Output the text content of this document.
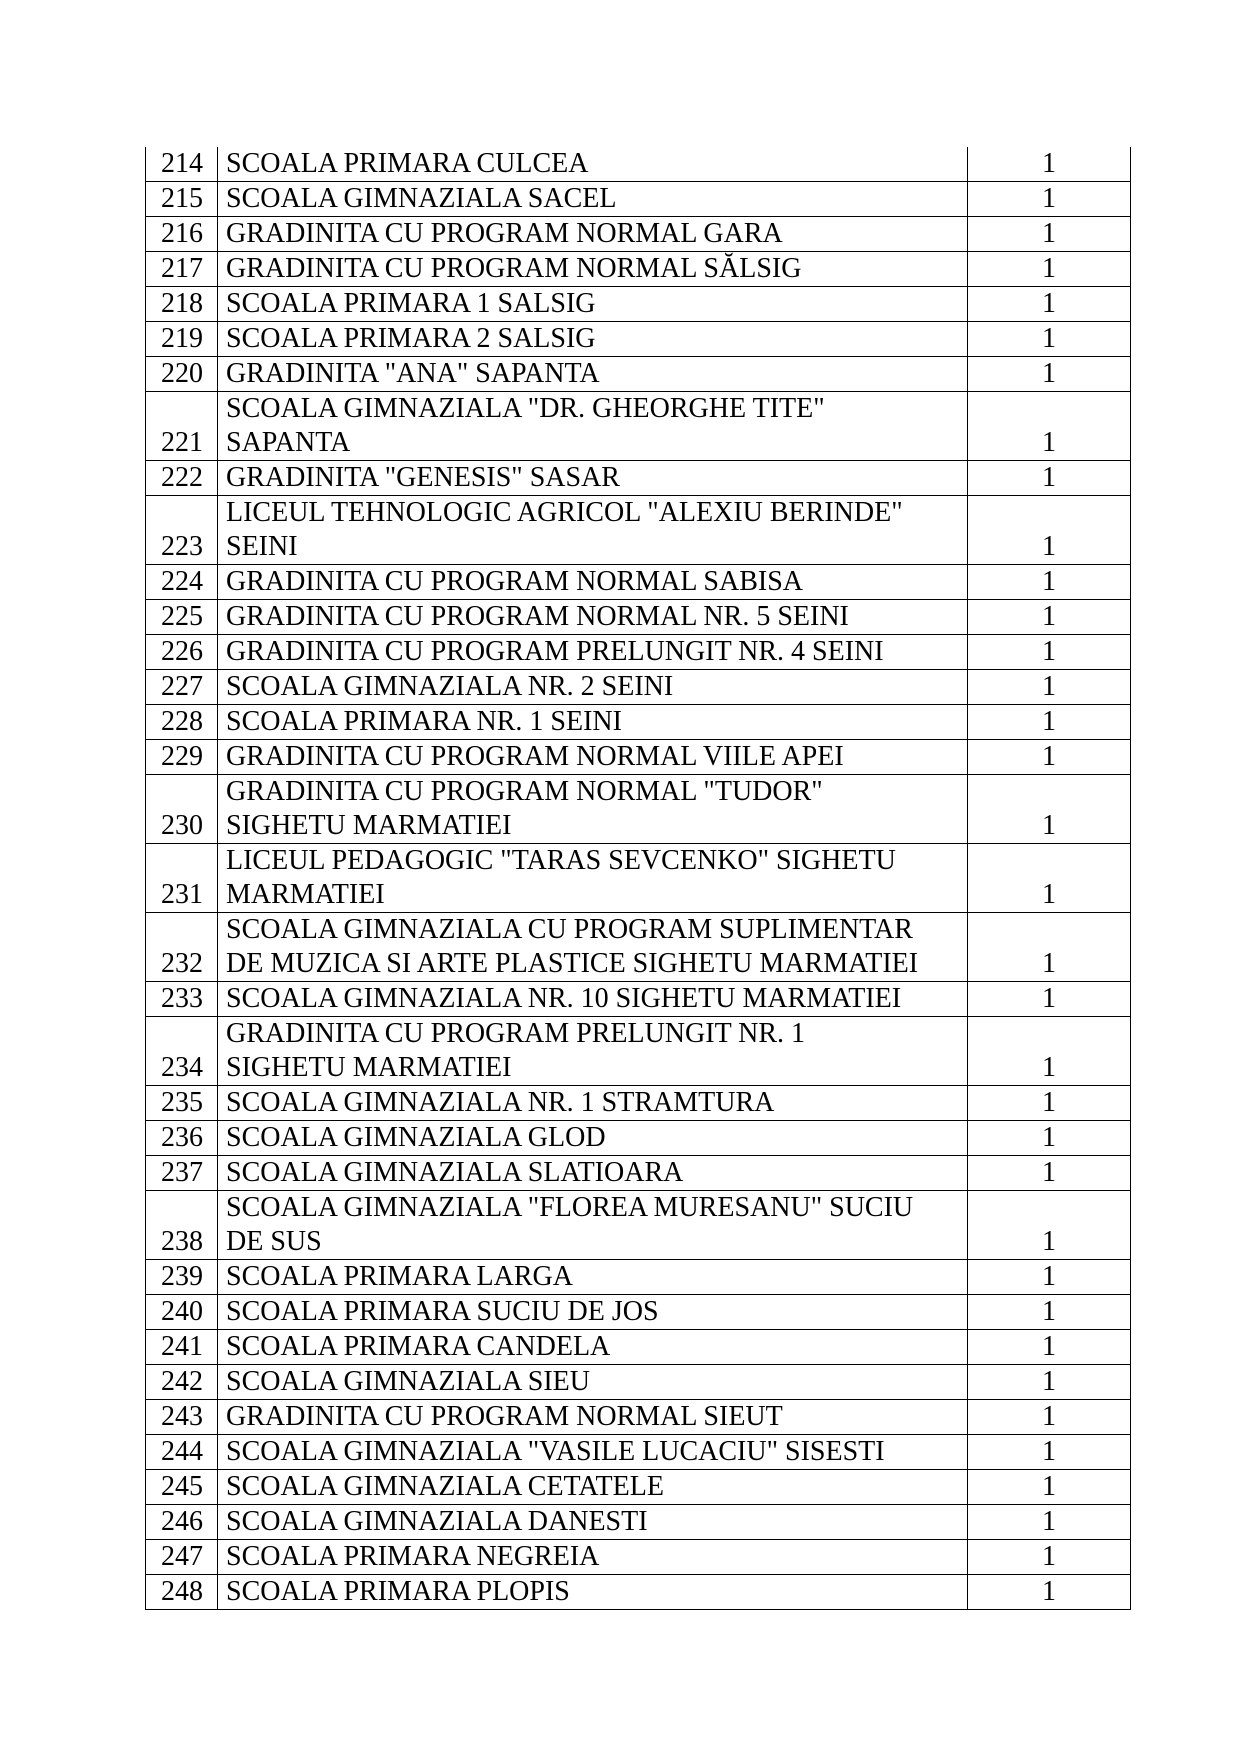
214	SCOALA PRIMARA CULCEA	1
215	SCOALA GIMNAZIALA SACEL	1
216	GRADINITA CU PROGRAM NORMAL GARA	1
217	GRADINITA CU PROGRAM NORMAL SĂLSIG	1
218	SCOALA PRIMARA 1 SALSIG	1
219	SCOALA PRIMARA 2 SALSIG	1
220	GRADINITA "ANA" SAPANTA	1
221	SCOALA GIMNAZIALA "DR. GHEORGHE TITE"
SAPANTA	1
222	GRADINITA "GENESIS" SASAR	1
223	LICEUL TEHNOLOGIC AGRICOL "ALEXIU BERINDE"
SEINI	1
224	GRADINITA CU PROGRAM NORMAL SABISA	1
225	GRADINITA CU PROGRAM NORMAL NR. 5 SEINI	1
226	GRADINITA CU PROGRAM PRELUNGIT NR. 4 SEINI	1
227	SCOALA GIMNAZIALA NR. 2 SEINI	1
228	SCOALA PRIMARA NR. 1 SEINI	1
229	GRADINITA CU PROGRAM NORMAL VIILE APEI	1
230	GRADINITA CU PROGRAM NORMAL "TUDOR"
SIGHETU MARMATIEI	1
231	LICEUL PEDAGOGIC "TARAS SEVCENKO" SIGHETU
MARMATIEI	1
232	SCOALA GIMNAZIALA CU PROGRAM SUPLIMENTAR
DE MUZICA SI ARTE PLASTICE SIGHETU MARMATIEI	1
233	SCOALA GIMNAZIALA NR. 10 SIGHETU MARMATIEI	1
234	GRADINITA CU PROGRAM PRELUNGIT NR. 1
SIGHETU MARMATIEI	1
235	SCOALA GIMNAZIALA NR. 1 STRAMTURA	1
236	SCOALA GIMNAZIALA GLOD	1
237	SCOALA GIMNAZIALA SLATIOARA	1
238	SCOALA GIMNAZIALA "FLOREA MURESANU" SUCIU
DE SUS	1
239	SCOALA PRIMARA LARGA	1
240	SCOALA PRIMARA SUCIU DE JOS	1
241	SCOALA PRIMARA CANDELA	1
242	SCOALA GIMNAZIALA SIEU	1
243	GRADINITA CU PROGRAM NORMAL SIEUT	1
244	SCOALA GIMNAZIALA "VASILE LUCACIU" SISESTI	1
245	SCOALA GIMNAZIALA CETATELE	1
246	SCOALA GIMNAZIALA DANESTI	1
247	SCOALA PRIMARA NEGREIA	1
248	SCOALA PRIMARA PLOPIS	1
